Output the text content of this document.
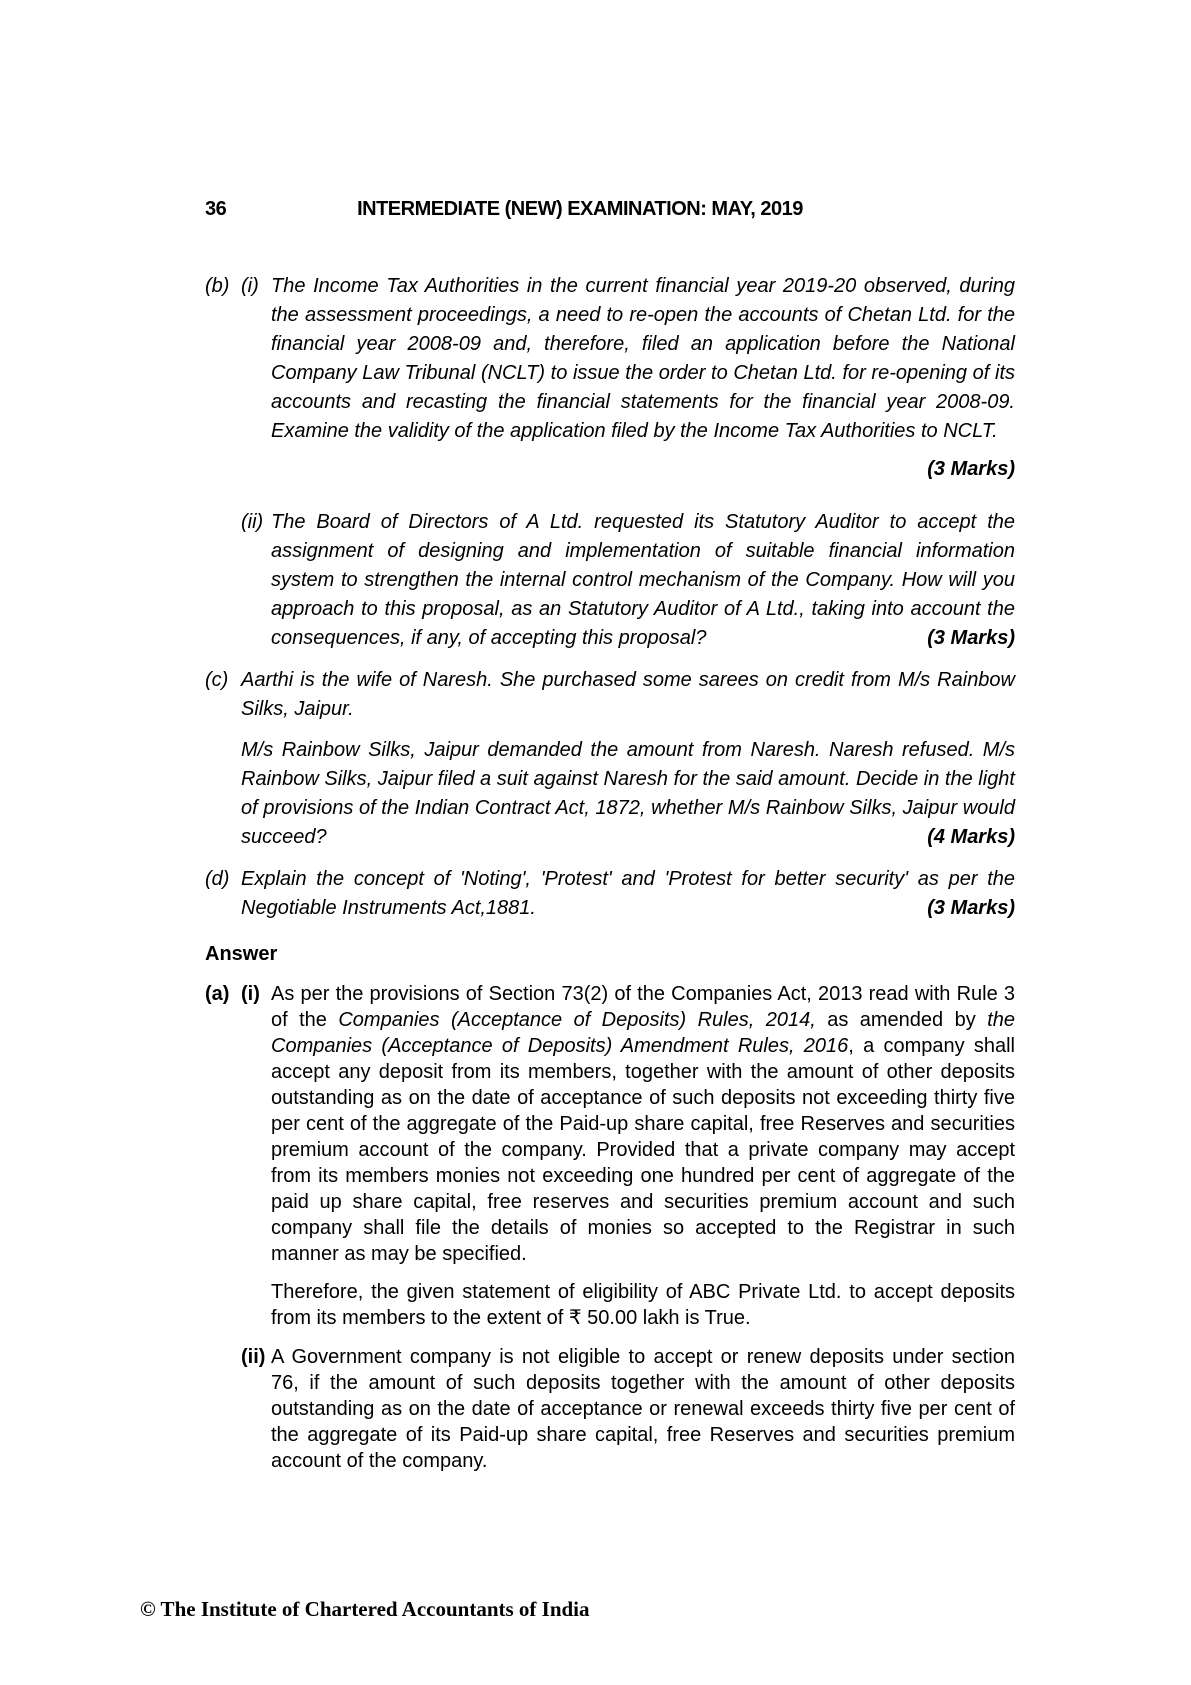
36	INTERMEDIATE (NEW) EXAMINATION: MAY, 2019
(b) (i) The Income Tax Authorities in the current financial year 2019-20 observed, during the assessment proceedings, a need to re-open the accounts of Chetan Ltd. for the financial year 2008-09 and, therefore, filed an application before the National Company Law Tribunal (NCLT) to issue the order to Chetan Ltd. for re-opening of its accounts and recasting the financial statements for the financial year 2008-09. Examine the validity of the application filed by the Income Tax Authorities to NCLT.

(3 Marks)
(ii) The Board of Directors of A Ltd. requested its Statutory Auditor to accept the assignment of designing and implementation of suitable financial information system to strengthen the internal control mechanism of the Company. How will you approach to this proposal, as an Statutory Auditor of A Ltd., taking into account the consequences, if any, of accepting this proposal?	(3 Marks)

(c) Aarthi is the wife of Naresh. She purchased some sarees on credit from M/s Rainbow Silks, Jaipur.

M/s Rainbow Silks, Jaipur demanded the amount from Naresh. Naresh refused. M/s Rainbow Silks, Jaipur filed a suit against Naresh for the said amount. Decide in the light of provisions of the Indian Contract Act, 1872, whether M/s Rainbow Silks, Jaipur would succeed?	(4 Marks)

(d) Explain the concept of 'Noting', 'Protest' and 'Protest for better security' as per the Negotiable Instruments Act,1881.	(3 Marks)

Answer
(a) (i) As per the provisions of Section 73(2) of the Companies Act, 2013 read with Rule 3 of the Companies (Acceptance of Deposits) Rules, 2014, as amended by the Companies (Acceptance of Deposits) Amendment Rules, 2016, a company shall accept any deposit from its members, together with the amount of other deposits outstanding as on the date of acceptance of such deposits not exceeding thirty five per cent of the aggregate of the Paid-up share capital, free Reserves and securities premium account of the company. Provided that a private company may accept from its members monies not exceeding one hundred per cent of aggregate of the paid up share capital, free reserves and securities premium account and such company shall file the details of monies so accepted to the Registrar in such manner as may be specified.

Therefore, the given statement of eligibility of ABC Private Ltd. to accept deposits from its members to the extent of ₹ 50.00 lakh is True.

(ii) A Government company is not eligible to accept or renew deposits under section 76, if the amount of such deposits together with the amount of other deposits outstanding as on the date of acceptance or renewal exceeds thirty five per cent of the aggregate of its Paid-up share capital, free Reserves and securities premium account of the company.

© The Institute of Chartered Accountants of India
